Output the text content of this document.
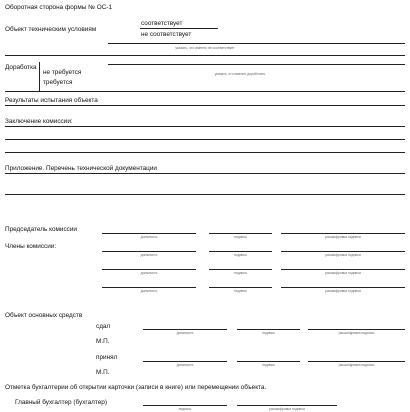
Оборотная сторона формы № ОС-1
Объект техническим условиям
соответствует
не соответствует
указать, что именно не соответствует
Доработка
не требуется
требуется
указать, что именно доработать
Результаты испытания объекта
Заключение комиссии:
Приложение. Перечень технической документации
Председатель комиссии
должность	подпись	расшифровка подписи
Члены комиссии:
должность	подпись	расшифровка подписи
должность	подпись	расшифровка подписи
должность	подпись	расшифровка подписи
Объект основных средств
сдал
должность	подпись	расшифровка подписи
М.П.
принял
должность	подпись	расшифровка подписи
М.П.
Отметка бухгалтерии об открытии карточки (записи в книге) или перемещении объекта.
Главный бухгалтер (бухгалтер)
подпись	расшифровка подписи
